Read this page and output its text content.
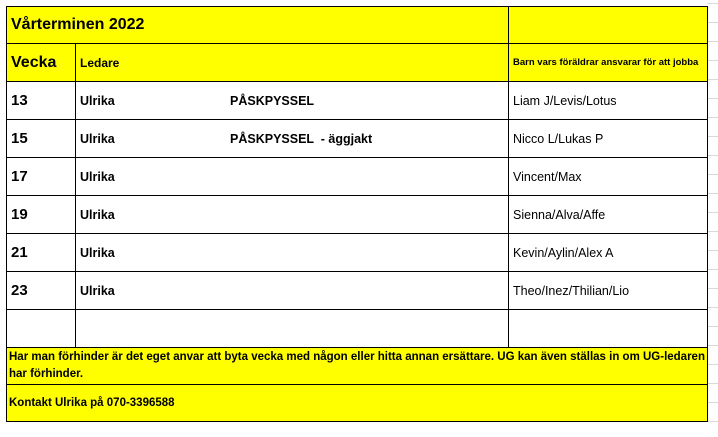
Vårterminen 2022		
Vecka	Ledare	Barn vars föräldrar ansvarar för att jobba
13	Ulrika PÅSKPYSSEL	Liam J/Levis/Lotus
15	Ulrika PÅSKPYSSEL  - äggjakt	Nicco L/Lukas P
17	Ulrika	Vincent/Max
19	Ulrika	Sienna/Alva/Affe
21	Ulrika	Kevin/Aylin/Alex A
23	Ulrika	Theo/Inez/Thilian/Lio

Har man förhinder är det eget anvar att byta vecka med någon eller hitta annan ersättare. UG kan även ställas in om UG-ledaren har förhinder.		
Kontakt Ulrika på 070-3396588		
